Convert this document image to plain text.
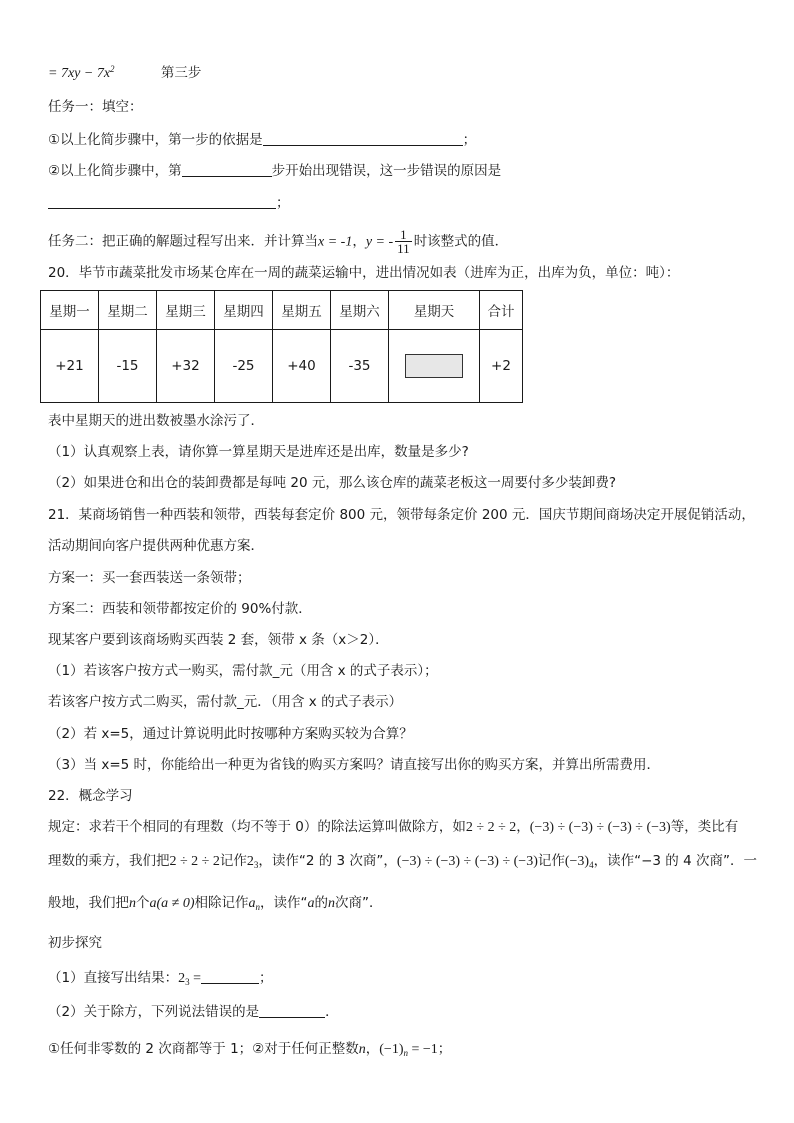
= $7xy - 7x^2$	第三步
任务一：填空：
①以上化简步骤中，第一步的依据是	；
②以上化简步骤中，第	步开始出现错误，这一步错误的原因是
；
任务二：把正确的解题过程写出来．并计算当x = -1，y = - $\frac{1}{11}$ 时该整式的值．
20．毕节市蔬菜批发市场某仓库在一周的蔬菜运输中，进出情况如表（进库为正，出库为负，单位：吨）：
星期一	星期二	星期三	星期四	星期五	星期六	星期天	合计
+21	-15	+32	-25	+40	-35		+2
表中星期天的进出数被墨水涂污了．
（1）认真观察上表，请你算一算星期天是进库还是出库，数量是多少?
（2）如果进仓和出仓的装卸费都是每吨 20 元，那么该仓库的蔬菜老板这一周要付多少装卸费?
21．某商场销售一种西装和领带，西装每套定价 800 元，领带每条定价 200 元．国庆节期间商场决定开展促销活动，
活动期间向客户提供两种优惠方案．
方案一：买一套西装送一条领带；
方案二：西装和领带都按定价的 90%付款．
现某客户要到该商场购买西装 2 套，领带 x 条（x＞2）．
（1）若该客户按方式一购买，需付款_元（用含 x 的式子表示）；
若该客户按方式二购买，需付款_元．（用含 x 的式子表示）
（2）若 x=5，通过计算说明此时按哪种方案购买较为合算？
（3）当 x=5 时，你能给出一种更为省钱的购买方案吗？请直接写出你的购买方案，并算出所需费用．
22．概念学习
规定：求若干个相同的有理数（均不等于 0）的除法运算叫做除方，如2 ÷ 2 ÷ 2，(−3) ÷ (−3) ÷ (−3) ÷ (−3)等，类比有
理数的乘方，我们把2 ÷ 2 ÷ 2记作$2_3$，读作“2 的 3 次商”，(−3) ÷ (−3) ÷ (−3) ÷ (−3)记作$(-3)_4$，读作“−3 的 4 次商”．一
般地，我们把n个a(a ≠ 0)相除记作$a_n$，读作“a的n次商”．
初步探究
（1）直接写出结果：$2_3$ =	；
（2）关于除方，下列说法错误的是	．
①任何非零数的 2 次商都等于 1；②对于任何正整数n，$(-1)_n = -1$；
